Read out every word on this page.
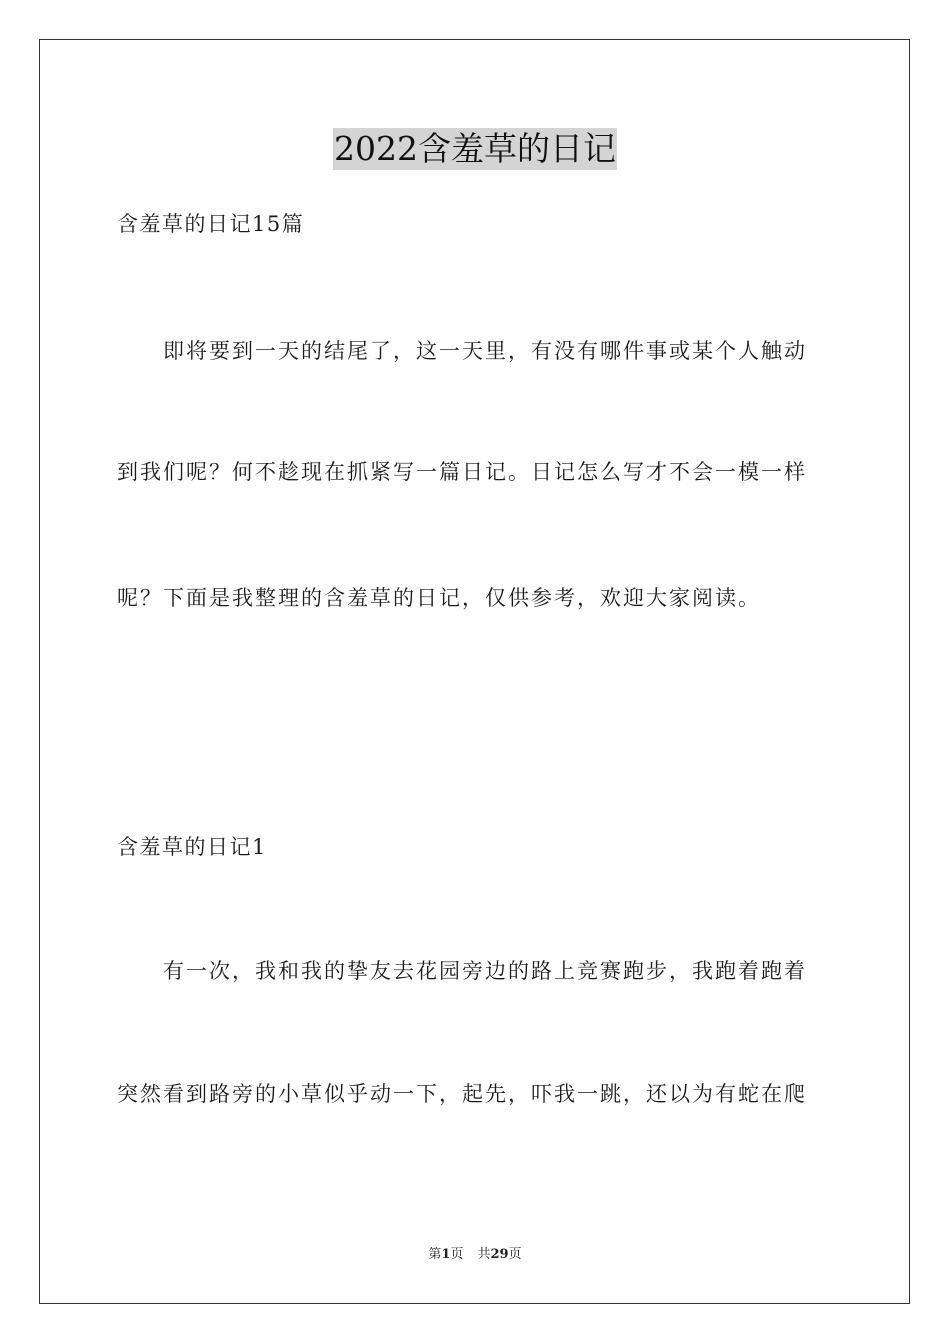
2022含羞草的日记
含羞草的日记15篇
即将要到一天的结尾了，这一天里，有没有哪件事或某个人触动
到我们呢？何不趁现在抓紧写一篇日记。日记怎么写才不会一模一样
呢？下面是我整理的含羞草的日记，仅供参考，欢迎大家阅读。
含羞草的日记1
有一次，我和我的挚友去花园旁边的路上竞赛跑步，我跑着跑着
突然看到路旁的小草似乎动一下，起先，吓我一跳，还以为有蛇在爬
第1页 共29页
